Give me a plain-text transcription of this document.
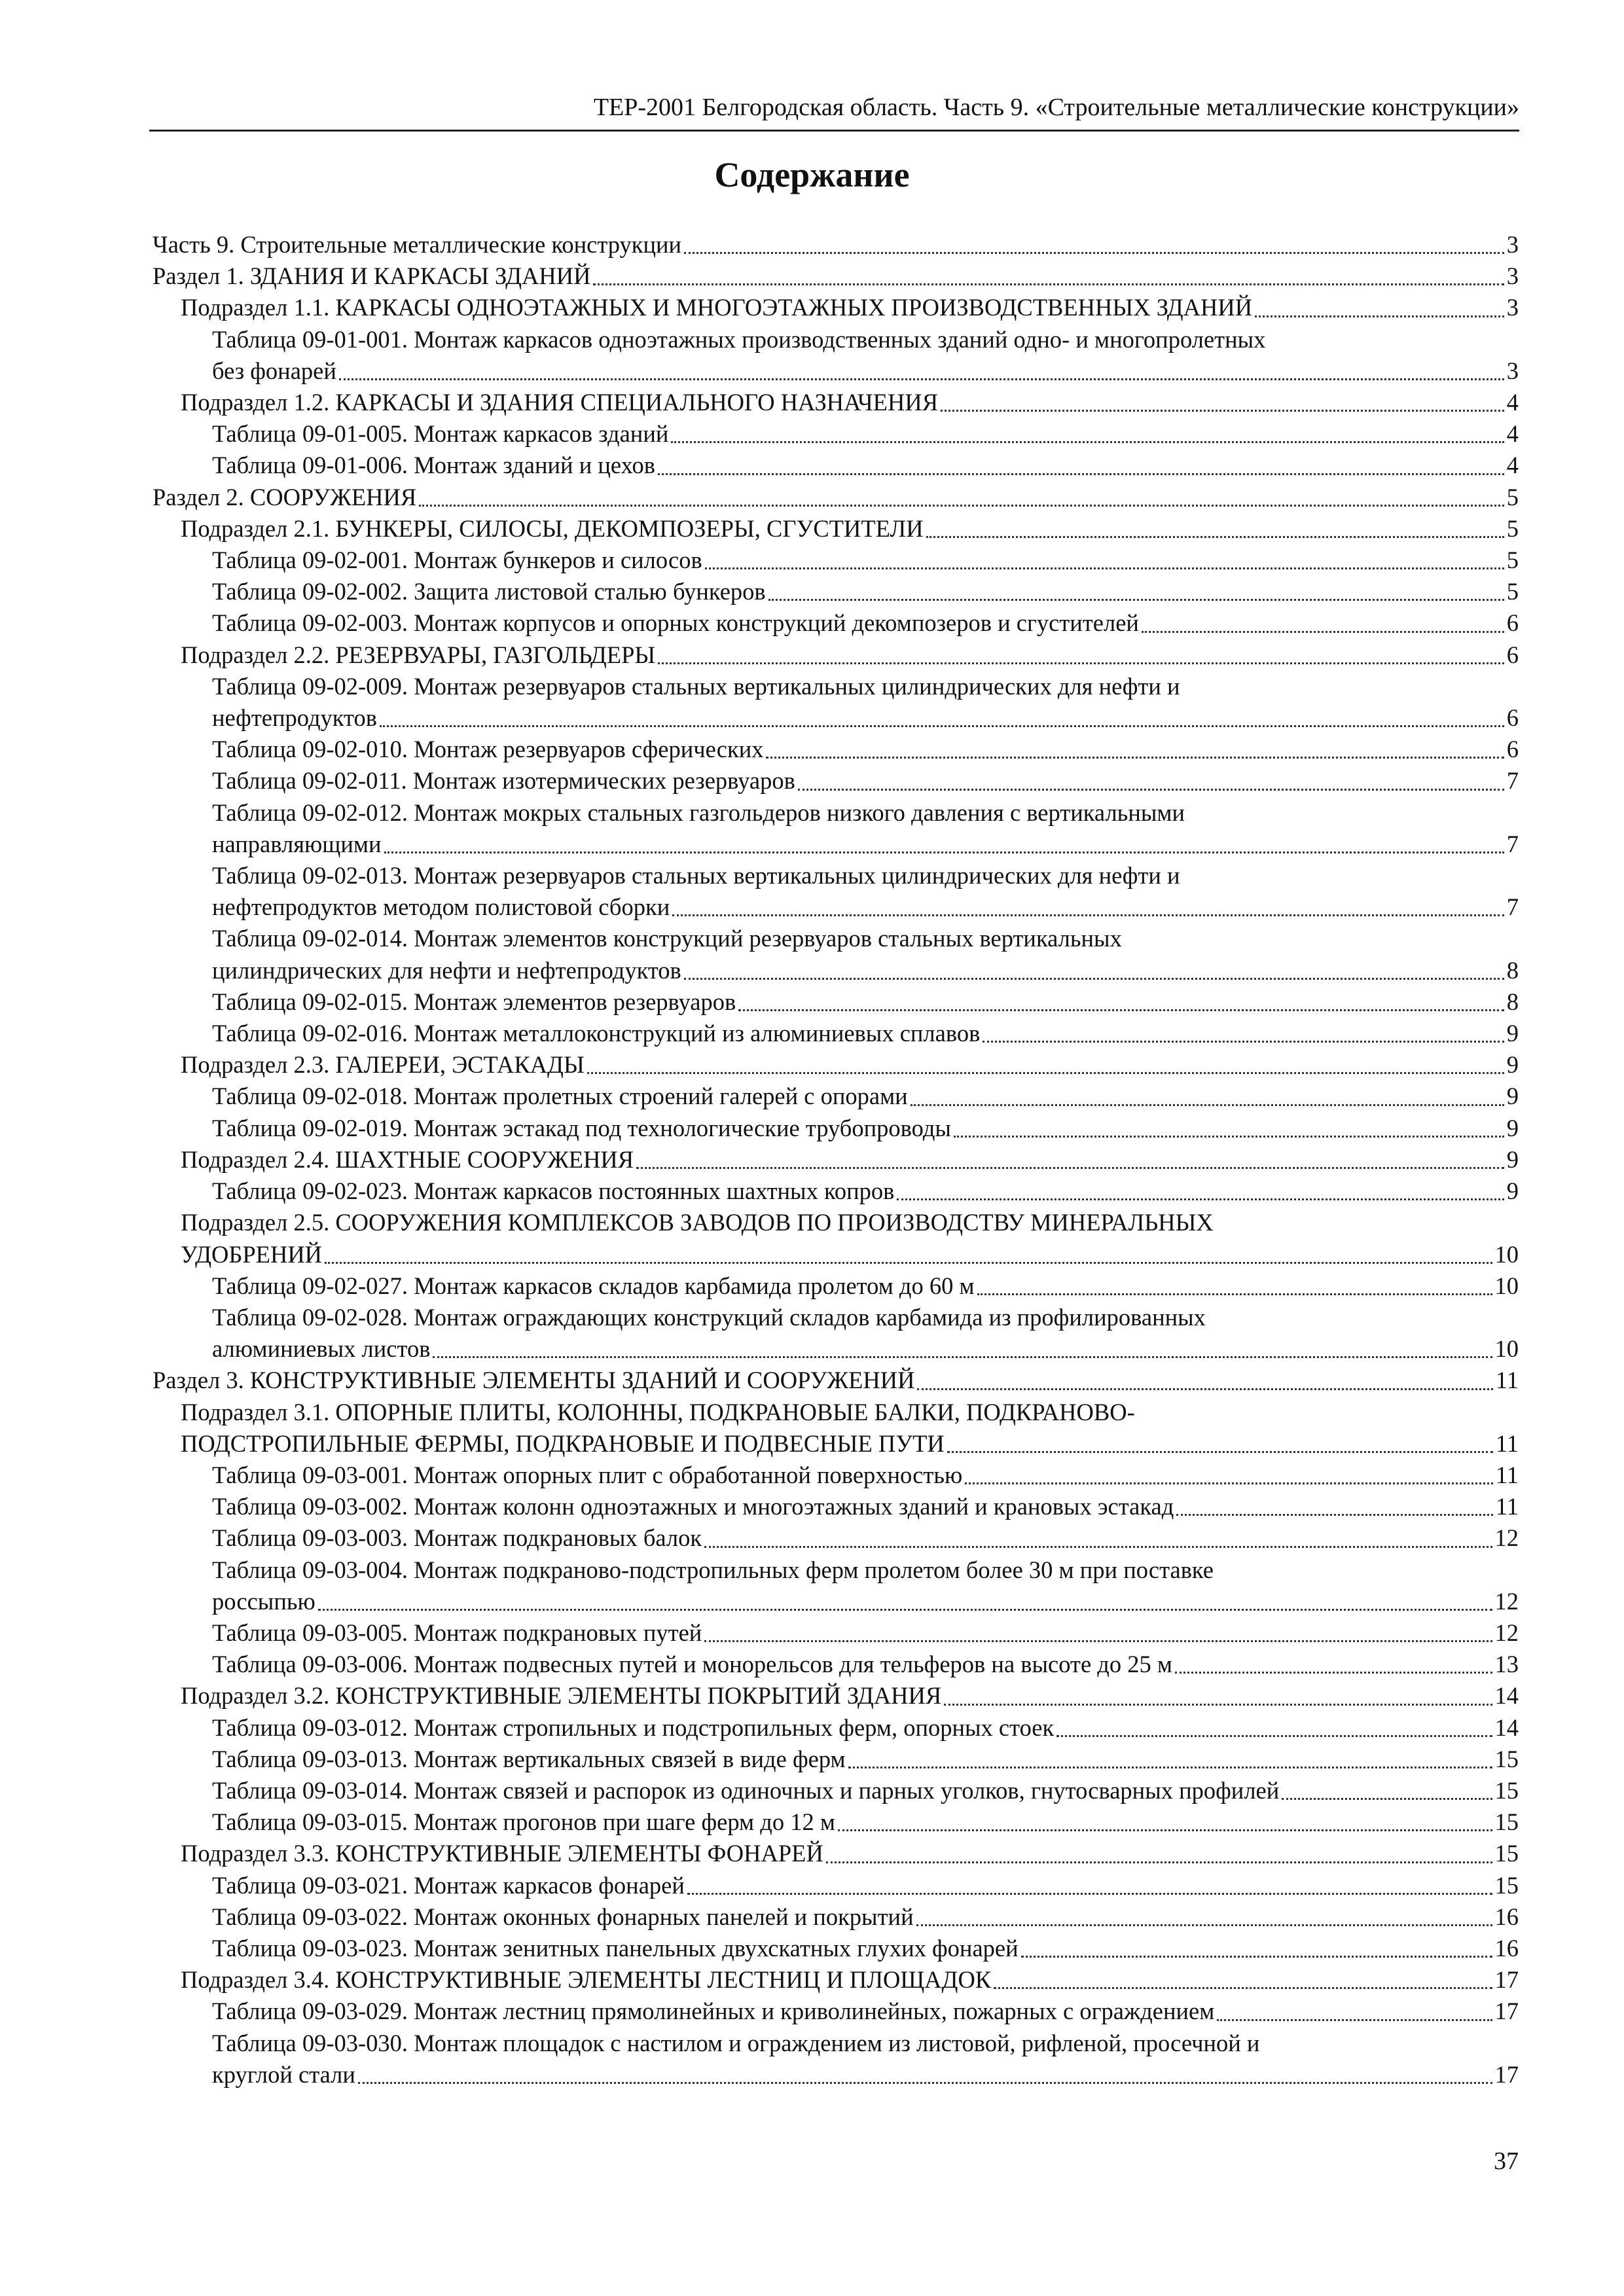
ТЕР-2001 Белгородская область. Часть 9. «Строительные металлические конструкции»
Содержание
Часть 9. Строительные металлические конструкции	3
Раздел 1. ЗДАНИЯ И КАРКАСЫ ЗДАНИЙ	3
Подраздел 1.1. КАРКАСЫ ОДНОЭТАЖНЫХ И МНОГОЭТАЖНЫХ ПРОИЗВОДСТВЕННЫХ ЗДАНИЙ	3
Таблица 09-01-001. Монтаж каркасов одноэтажных производственных зданий одно- и многопролетных
без фонарей	3
Подраздел 1.2. КАРКАСЫ И ЗДАНИЯ СПЕЦИАЛЬНОГО НАЗНАЧЕНИЯ	4
Таблица 09-01-005. Монтаж каркасов зданий	4
Таблица 09-01-006. Монтаж зданий и цехов	4
Раздел 2. СООРУЖЕНИЯ	5
Подраздел 2.1. БУНКЕРЫ, СИЛОСЫ, ДЕКОМПОЗЕРЫ, СГУСТИТЕЛИ	5
Таблица 09-02-001. Монтаж бункеров и силосов	5
Таблица 09-02-002. Защита листовой сталью бункеров	5
Таблица 09-02-003. Монтаж корпусов и опорных конструкций декомпозеров и сгустителей	6
Подраздел 2.2. РЕЗЕРВУАРЫ, ГАЗГОЛЬДЕРЫ	6
Таблица 09-02-009. Монтаж резервуаров стальных вертикальных цилиндрических для нефти и
нефтепродуктов	6
Таблица 09-02-010. Монтаж резервуаров сферических	6
Таблица 09-02-011. Монтаж изотермических резервуаров	7
Таблица 09-02-012. Монтаж мокрых стальных газгольдеров низкого давления с вертикальными
направляющими	7
Таблица 09-02-013. Монтаж резервуаров стальных вертикальных цилиндрических для нефти и
нефтепродуктов методом полистовой сборки	7
Таблица 09-02-014. Монтаж элементов конструкций резервуаров стальных вертикальных
цилиндрических для нефти и нефтепродуктов	8
Таблица 09-02-015. Монтаж элементов резервуаров	8
Таблица 09-02-016. Монтаж металлоконструкций из алюминиевых сплавов	9
Подраздел 2.3. ГАЛЕРЕИ, ЭСТАКАДЫ	9
Таблица 09-02-018. Монтаж пролетных строений галерей с опорами	9
Таблица 09-02-019. Монтаж эстакад под технологические трубопроводы	9
Подраздел 2.4. ШАХТНЫЕ СООРУЖЕНИЯ	9
Таблица 09-02-023. Монтаж каркасов постоянных шахтных копров	9
Подраздел 2.5. СООРУЖЕНИЯ КОМПЛЕКСОВ ЗАВОДОВ ПО ПРОИЗВОДСТВУ МИНЕРАЛЬНЫХ
УДОБРЕНИЙ	10
Таблица 09-02-027. Монтаж каркасов складов карбамида пролетом до 60 м	10
Таблица 09-02-028. Монтаж ограждающих конструкций складов карбамида из профилированных
алюминиевых листов	10
Раздел 3. КОНСТРУКТИВНЫЕ ЭЛЕМЕНТЫ ЗДАНИЙ И СООРУЖЕНИЙ	11
Подраздел 3.1. ОПОРНЫЕ ПЛИТЫ, КОЛОННЫ, ПОДКРАНОВЫЕ БАЛКИ, ПОДКРАНОВО-
ПОДСТРОПИЛЬНЫЕ ФЕРМЫ, ПОДКРАНОВЫЕ И ПОДВЕСНЫЕ ПУТИ	11
Таблица 09-03-001. Монтаж опорных плит с обработанной поверхностью	11
Таблица 09-03-002. Монтаж колонн одноэтажных и многоэтажных зданий и крановых эстакад	11
Таблица 09-03-003. Монтаж подкрановых балок	12
Таблица 09-03-004. Монтаж подкраново-подстропильных ферм пролетом более 30 м при поставке
россыпью	12
Таблица 09-03-005. Монтаж подкрановых путей	12
Таблица 09-03-006. Монтаж подвесных путей и монорельсов для тельферов на высоте до 25 м	13
Подраздел 3.2. КОНСТРУКТИВНЫЕ ЭЛЕМЕНТЫ ПОКРЫТИЙ ЗДАНИЯ	14
Таблица 09-03-012. Монтаж стропильных и подстропильных ферм, опорных стоек	14
Таблица 09-03-013. Монтаж вертикальных связей в виде ферм	15
Таблица 09-03-014. Монтаж связей и распорок из одиночных и парных уголков, гнутосварных профилей	15
Таблица 09-03-015. Монтаж прогонов при шаге ферм до 12 м	15
Подраздел 3.3. КОНСТРУКТИВНЫЕ ЭЛЕМЕНТЫ ФОНАРЕЙ	15
Таблица 09-03-021. Монтаж каркасов фонарей	15
Таблица 09-03-022. Монтаж оконных фонарных панелей и покрытий	16
Таблица 09-03-023. Монтаж зенитных панельных двухскатных глухих фонарей	16
Подраздел 3.4. КОНСТРУКТИВНЫЕ ЭЛЕМЕНТЫ ЛЕСТНИЦ И ПЛОЩАДОК	17
Таблица 09-03-029. Монтаж лестниц прямолинейных и криволинейных, пожарных с ограждением	17
Таблица 09-03-030. Монтаж площадок с настилом и ограждением из листовой, рифленой, просечной и
круглой стали	17
37
